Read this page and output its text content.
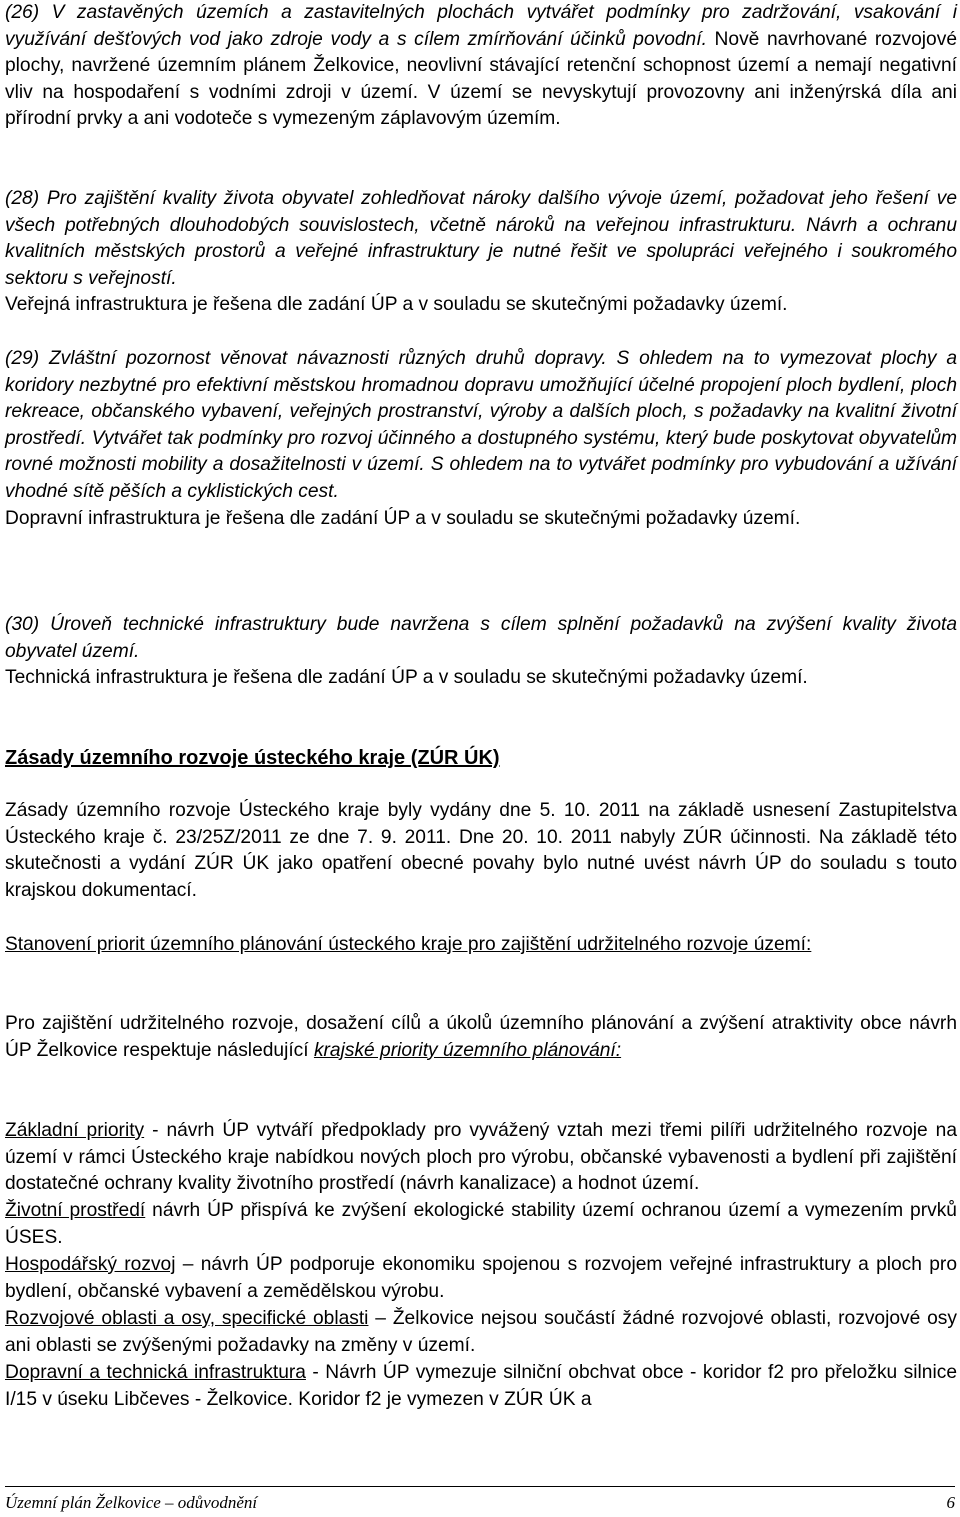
(26) V zastavěných územích a zastavitelných plochách vytvářet podmínky pro zadržování, vsakování i využívání dešťových vod jako zdroje vody a s cílem zmírňování účinků povodní. Nově navrhované rozvojové plochy, navržené územním plánem Želkovice, neovlivní stávající retenční schopnost území a nemají negativní vliv na hospodaření s vodními zdroji v území. V území se nevyskytují provozovny ani inženýrská díla ani přírodní prvky a ani vodoteče s vymezeným záplavovým územím.

(28) Pro zajištění kvality života obyvatel zohledňovat nároky dalšího vývoje území, požadovat jeho řešení ve všech potřebných dlouhodobých souvislostech, včetně nároků na veřejnou infrastrukturu. Návrh a ochranu kvalitních městských prostorů a veřejné infrastruktury je nutné řešit ve spolupráci veřejného i soukromého sektoru s veřejností.
Veřejná infrastruktura je řešena dle zadání ÚP a v souladu se skutečnými požadavky území.

(29) Zvláštní pozornost věnovat návaznosti různých druhů dopravy. S ohledem na to vymezovat plochy a koridory nezbytné pro efektivní městskou hromadnou dopravu umožňující účelné propojení ploch bydlení, ploch rekreace, občanského vybavení, veřejných prostranství, výroby a dalších ploch, s požadavky na kvalitní životní prostředí. Vytvářet tak podmínky pro rozvoj účinného a dostupného systému, který bude poskytovat obyvatelům rovné možnosti mobility a dosažitelnosti v území. S ohledem na to vytvářet podmínky pro vybudování a užívání vhodné sítě pěších a cyklistických cest.
Dopravní infrastruktura je řešena dle zadání ÚP a v souladu se skutečnými požadavky území.

(30) Úroveň technické infrastruktury bude navržena s cílem splnění požadavků na zvýšení kvality života obyvatel území.
Technická infrastruktura je řešena dle zadání ÚP a v souladu se skutečnými požadavky území.

Zásady územního rozvoje ústeckého kraje (ZÚR ÚK)

Zásady územního rozvoje Ústeckého kraje byly vydány dne 5. 10. 2011 na základě usnesení Zastupitelstva Ústeckého kraje č. 23/25Z/2011 ze dne 7. 9. 2011. Dne 20. 10. 2011 nabyly ZÚR účinnosti. Na základě této skutečnosti a vydání ZÚR ÚK jako opatření obecné povahy bylo nutné uvést návrh ÚP do souladu s touto krajskou dokumentací.

Stanovení priorit územního plánování ústeckého kraje pro zajištění udržitelného rozvoje území:

Pro zajištění udržitelného rozvoje, dosažení cílů a úkolů územního plánování a zvýšení atraktivity obce návrh ÚP Želkovice respektuje následující krajské priority územního plánování:

Základní priority - návrh ÚP vytváří předpoklady pro vyvážený vztah mezi třemi pilíři udržitelného rozvoje na území v rámci Ústeckého kraje nabídkou nových ploch pro výrobu, občanské vybavenosti a bydlení při zajištění dostatečné ochrany kvality životního prostředí (návrh kanalizace) a hodnot území.

Životní prostředí návrh ÚP přispívá ke zvýšení ekologické stability území ochranou území a vymezením prvků ÚSES.

Hospodářský rozvoj – návrh ÚP podporuje ekonomiku spojenou s rozvojem veřejné infrastruktury a ploch pro bydlení, občanské vybavení a zemědělskou výrobu.

Rozvojové oblasti a osy, specifické oblasti – Želkovice nejsou součástí žádné rozvojové oblasti, rozvojové osy ani oblasti se zvýšenými požadavky na změny v území.

Dopravní a technická infrastruktura - Návrh ÚP vymezuje silniční obchvat obce - koridor f2 pro přeložku silnice I/15 v úseku Libčeves - Želkovice. Koridor f2 je vymezen v ZÚR ÚK a

Územní plán Želkovice – odůvodnění	6
